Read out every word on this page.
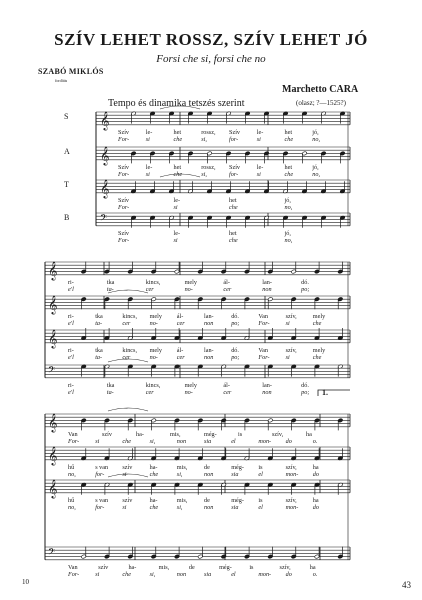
SZÍV LEHET ROSSZ, SZÍV LEHET JÓ
Forsi che si, forsi che no
SZABÓ MIKLÓS
fordítás
Marchetto CARA
(olasz; ?—1525?)
Tempo és dinamika tetszés szerint
S
A
T
B
1.
10	43
𝄞
𝄞
𝄞
𝄢
𝄞
𝄞
𝄞
𝄢
𝄞
𝄞
𝄞
𝄢
Szív	le-	het	rossz, Szív	le-	het	jó,
For-	si	che	si,	for-	si	che	no,
Szív	le-	het	rossz, Szív	le-	het	jó,
For-	si	che	si,	for-	si	che	no,
Szív	le-	het	jó,
For-	si	che	no,
Szív	le-	het	jó,
For-	si	che	no,
ri-	tka	kincs,	mely	ál-	lan-	dó.
e'l	ta-	cer	no-	cer	non	po;
ri-	tka	kincs, mely ál-	lan-	dó.	Van	szív,	mely
e'l	ta-	cer	no-	cer	non	po;	For-	si	che
ri-	tka	kincs, mely ál-	lan-	dó.	Van	szív,	mely
e'l	ta-	cer	no-	cer	non	po;	For-	si	che
ri-	tka	kincs,	mely	ál-	lan-	dó.
e'l	ta-	cer	no-	cer	non	po;
Van	szív	ha-	mis,	még-	is	szív,	ha
For-	si	che	si,	non	sia	el	mon- do	o.
hű	s van szív	ha-	mis,	de	még- is	szív,	ha
no,	for-	si	che	si,	non	sia	el	mon- do
hű	s van szív	ha-	mis,	de	még- is	szív,	ha
no,	for-	si	che	si,	non	sia	el	mon- do
Van	szív	ha-	mis,	de	még-	is	szív,	ha
For-	si	che	si,	non	sia	el	mon- do	o.
